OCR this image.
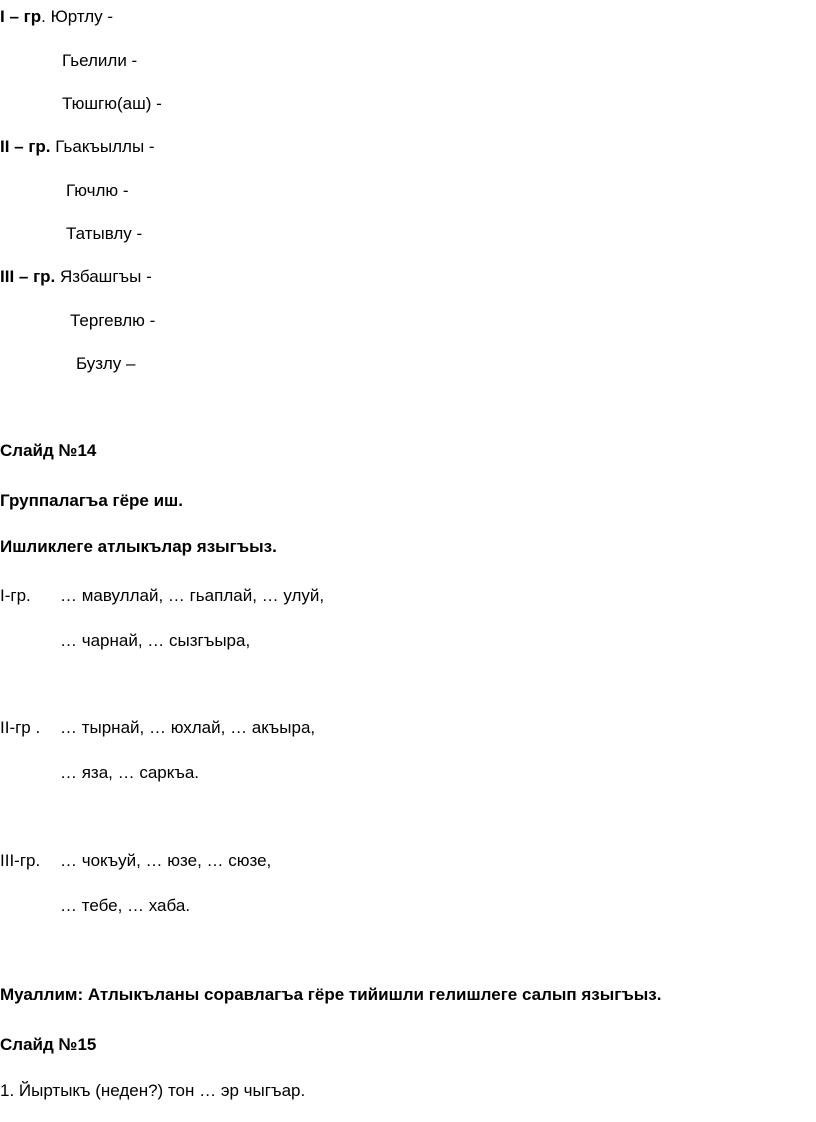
I – гр. Юртлу -
Гьелили -
Тюшгю(аш) -
II – гр. Гьакъыллы -
Гючлю -
Татывлу -
III – гр. Язбашгъы -
Тергевлю -
Бузлу –
Слайд №14
Группалагъа гёре иш.
Ишликлеге атлыкълар языгъыз.
I-гр. … мавуллай, … гьаплай, … улуй,
… чарнай, … сызгъыра,
II-гр . … тырнай, … юхлай, … акъыра,
… яза, … саркъа.
III-гр. … чокъуй, … юзе, … сюзе,
… тебе, … хаба.
Муаллим: Атлыкъланы соравлагъа гёре тийишли гелишлеге салып языгъыз.
Слайд №15
1. Йыртыкъ (неден?) тон … эр чыгъар.
